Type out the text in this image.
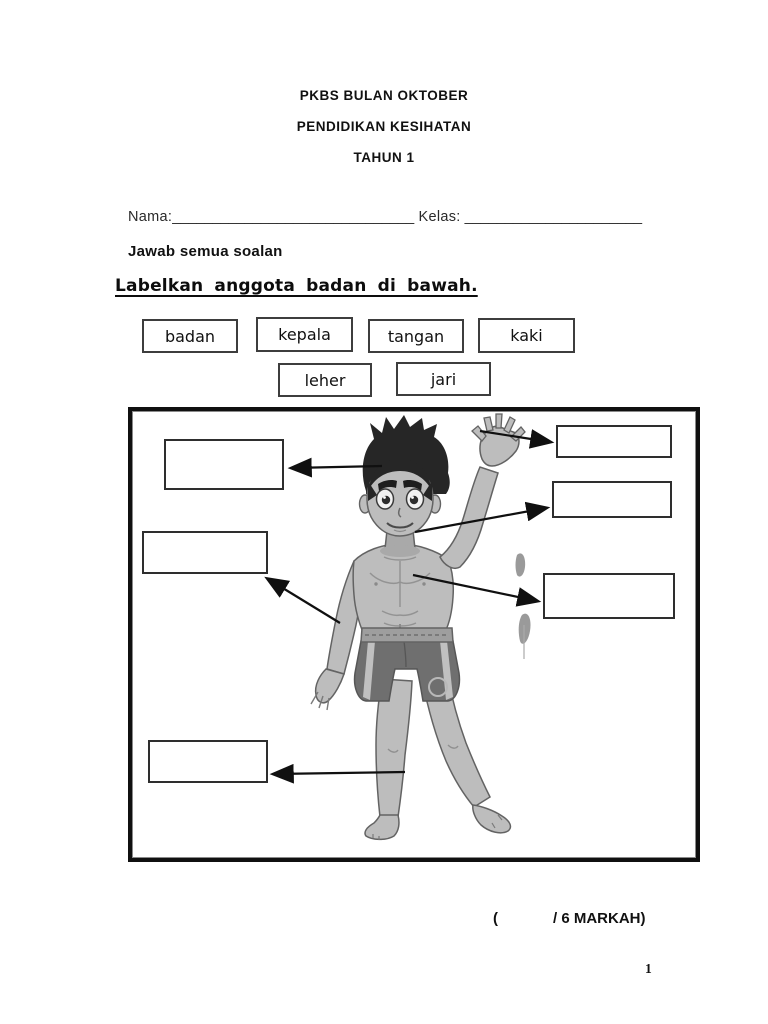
PKBS BULAN OKTOBER
PENDIDIKAN KESIHATAN
TAHUN 1
Nama:______________________________ Kelas: ______________________
Jawab semua soalan
Labelkan anggota badan di bawah.
badan	kepala	tangan	kaki
leher	jari
(	/ 6 MARKAH)
1
